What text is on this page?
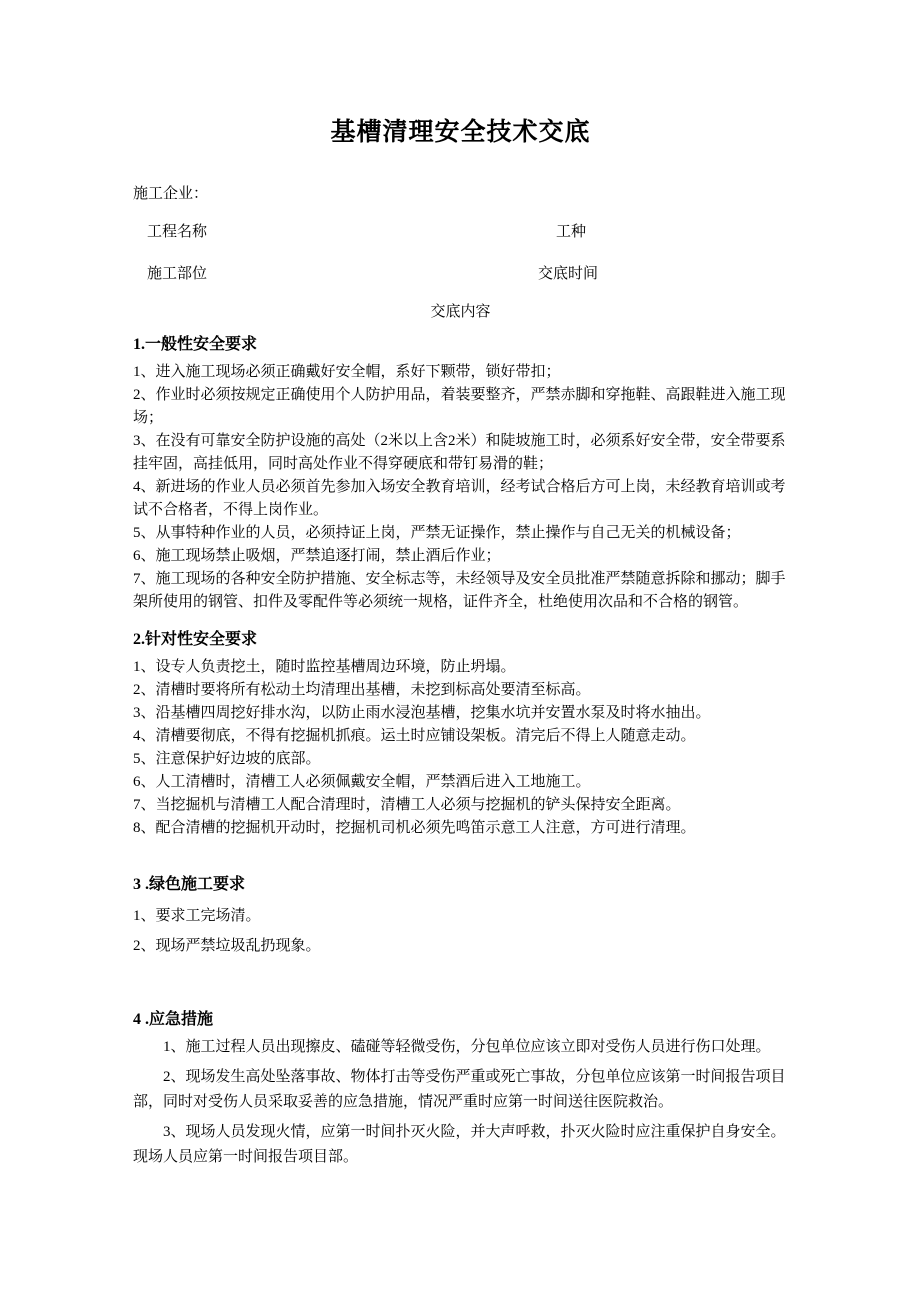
基槽清理安全技术交底
施工企业：
工程名称	工种
施工部位	交底时间
交底内容
1.一般性安全要求

1、进入施工现场必须正确戴好安全帽，系好下颗带，锁好带扣；

2、作业时必须按规定正确使用个人防护用品，着装要整齐，严禁赤脚和穿拖鞋、高跟鞋进入施工现场；

3、在没有可靠安全防护设施的高处（2米以上含2米）和陡坡施工时，必须系好安全带，安全带要系挂牢固，高挂低用，同时高处作业不得穿硬底和带钉易滑的鞋；

4、新进场的作业人员必须首先参加入场安全教育培训，经考试合格后方可上岗，未经教育培训或考试不合格者，不得上岗作业。

5、从事特种作业的人员，必须持证上岗，严禁无证操作，禁止操作与自己无关的机械设备；

6、施工现场禁止吸烟，严禁追逐打闹，禁止酒后作业；

7、施工现场的各种安全防护措施、安全标志等，未经领导及安全员批准严禁随意拆除和挪动；脚手架所使用的钢管、扣件及零配件等必须统一规格，证件齐全，杜绝使用次品和不合格的钢管。

2.针对性安全要求

1、设专人负责挖土，随时监控基槽周边环境，防止坍塌。

2、清槽时要将所有松动土均清理出基槽，未挖到标高处要清至标高。

3、沿基槽四周挖好排水沟，以防止雨水浸泡基槽，挖集水坑并安置水泵及时将水抽出。

4、清槽要彻底，不得有挖掘机抓痕。运土时应铺设架板。清完后不得上人随意走动。

5、注意保护好边坡的底部。

6、人工清槽时，清槽工人必须佩戴安全帽，严禁酒后进入工地施工。

7、当挖掘机与清槽工人配合清理时，清槽工人必须与挖掘机的铲头保持安全距离。

8、配合清槽的挖掘机开动时，挖掘机司机必须先鸣笛示意工人注意，方可进行清理。

3 .绿色施工要求

1、要求工完场清。

2、现场严禁垃圾乱扔现象。

4 .应急措施

1、施工过程人员出现擦皮、磕碰等轻微受伤，分包单位应该立即对受伤人员进行伤口处理。

2、现场发生高处坠落事故、物体打击等受伤严重或死亡事故，分包单位应该第一时间报告项目部，同时对受伤人员采取妥善的应急措施，情况严重时应第一时间送往医院救治。

3、现场人员发现火情，应第一时间扑灭火险，并大声呼救，扑灭火险时应注重保护自身安全。现场人员应第一时间报告项目部。
